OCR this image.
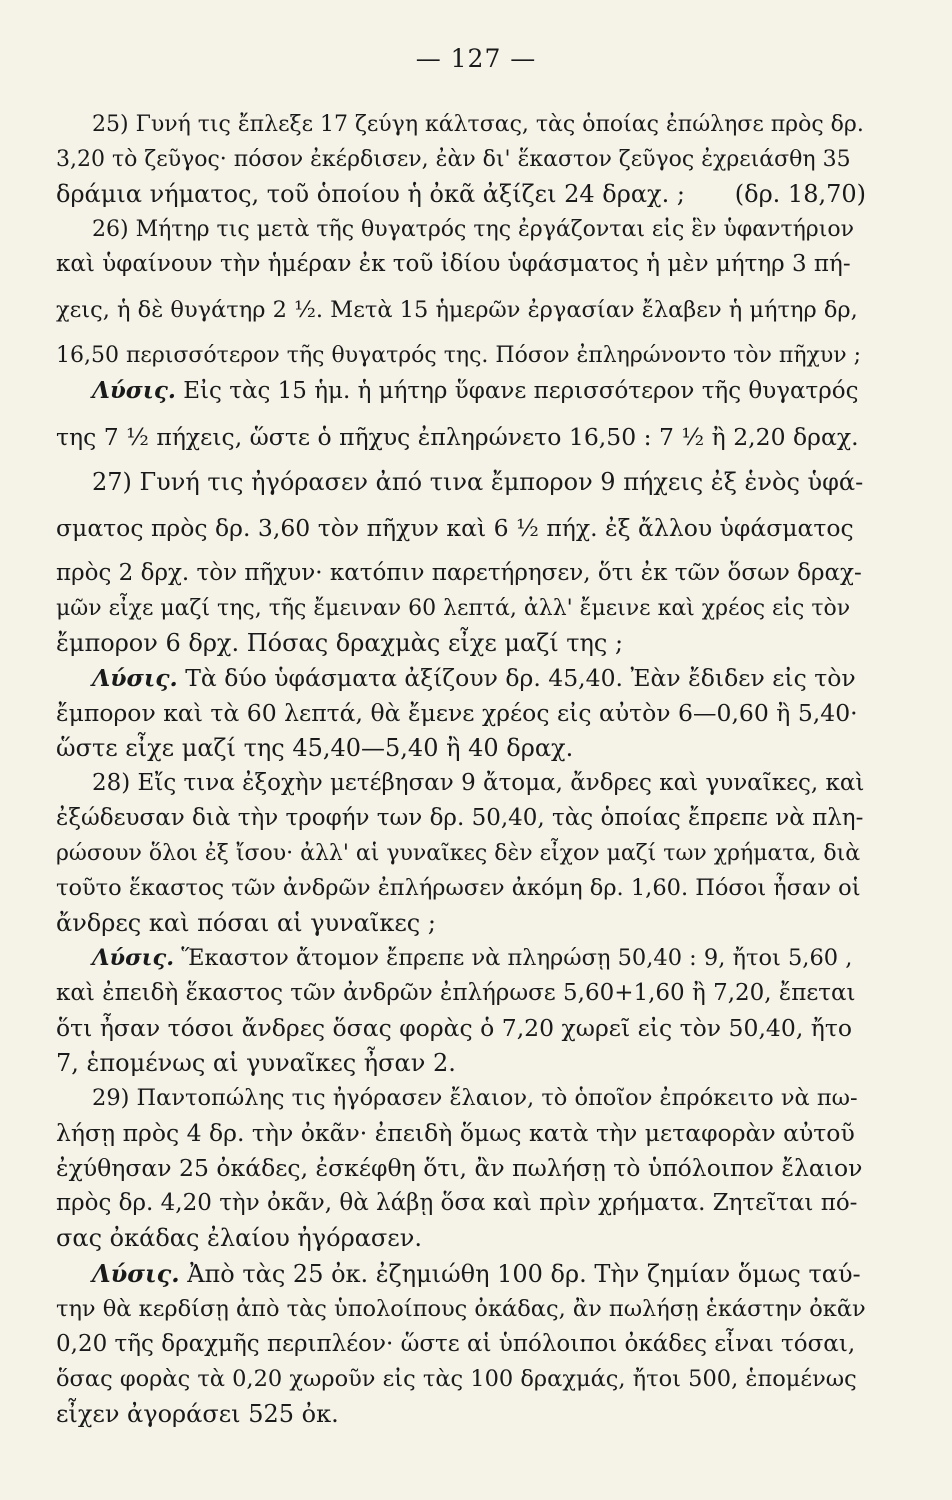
— 127 —
25) Γυνή τις ἔπλεξε 17 ζεύγη κάλτσας, τὰς ὁποίας ἐπώλησε πρὸς δρ.
3,20 τὸ ζεῦγος· πόσον ἐκέρδισεν, ἐὰν δι' ἕκαστον ζεῦγος ἐχρειάσθη 35
δράμια νήματος, τοῦ ὁποίου ἡ ὀκᾶ ἀξίζει 24 δραχ. ; (δρ. 18,70)
26) Μήτηρ τις μετὰ τῆς θυγατρός της ἐργάζονται εἰς ἓν ὑφαντήριον
καὶ ὑφαίνουν τὴν ἡμέραν ἐκ τοῦ ἰδίου ὑφάσματος ἡ μὲν μήτηρ 3 πή-
χεις, ἡ δὲ θυγάτηρ 2 ½. Μετὰ 15 ἡμερῶν ἐργασίαν ἔλαβεν ἡ μήτηρ δρ,
16,50 περισσότερον τῆς θυγατρός της. Πόσον ἐπληρώνοντο τὸν πῆχυν ;
Λύσις. Εἰς τὰς 15 ἡμ. ἡ μήτηρ ὕφανε περισσότερον τῆς θυγατρός
της 7 ½ πήχεις, ὥστε ὁ πῆχυς ἐπληρώνετο 16,50 : 7 ½ ἢ 2,20 δραχ.
27) Γυνή τις ἠγόρασεν ἀπό τινα ἔμπορον 9 πήχεις ἐξ ἑνὸς ὑφά-
σματος πρὸς δρ. 3,60 τὸν πῆχυν καὶ 6 ½ πήχ. ἐξ ἄλλου ὑφάσματος
πρὸς 2 δρχ. τὸν πῆχυν· κατόπιν παρετήρησεν, ὅτι ἐκ τῶν ὅσων δραχ-
μῶν εἶχε μαζί της, τῆς ἔμειναν 60 λεπτά, ἀλλ' ἔμεινε καὶ χρέος εἰς τὸν
ἔμπορον 6 δρχ. Πόσας δραχμὰς εἶχε μαζί της ;
Λύσις. Τὰ δύο ὑφάσματα ἀξίζουν δρ. 45,40. Ἐὰν ἔδιδεν εἰς τὸν
ἔμπορον καὶ τὰ 60 λεπτά, θὰ ἔμενε χρέος εἰς αὐτὸν 6—0,60 ἢ 5,40·
ὥστε εἶχε μαζί της 45,40—5,40 ἢ 40 δραχ.
28) Εἴς τινα ἐξοχὴν μετέβησαν 9 ἄτομα, ἄνδρες καὶ γυναῖκες, καὶ
ἐξώδευσαν διὰ τὴν τροφήν των δρ. 50,40, τὰς ὁποίας ἔπρεπε νὰ πλη-
ρώσουν ὅλοι ἐξ ἴσου· ἀλλ' αἱ γυναῖκες δὲν εἶχον μαζί των χρήματα, διὰ
τοῦτο ἕκαστος τῶν ἀνδρῶν ἐπλήρωσεν ἀκόμη δρ. 1,60. Πόσοι ἦσαν οἱ
ἄνδρες καὶ πόσαι αἱ γυναῖκες ;
Λύσις. Ἕκαστον ἄτομον ἔπρεπε νὰ πληρώσῃ 50,40 : 9, ἤτοι 5,60 ,
καὶ ἐπειδὴ ἕκαστος τῶν ἀνδρῶν ἐπλήρωσε 5,60+1,60 ἢ 7,20, ἔπεται
ὅτι ἦσαν τόσοι ἄνδρες ὅσας φορὰς ὁ 7,20 χωρεῖ εἰς τὸν 50,40, ἤτο
7, ἑπομένως αἱ γυναῖκες ἦσαν 2.
29) Παντοπώλης τις ἠγόρασεν ἔλαιον, τὸ ὁποῖον ἐπρόκειτο νὰ πω-
λήσῃ πρὸς 4 δρ. τὴν ὀκᾶν· ἐπειδὴ ὅμως κατὰ τὴν μεταφορὰν αὐτοῦ
ἐχύθησαν 25 ὀκάδες, ἐσκέφθη ὅτι, ἂν πωλήσῃ τὸ ὑπόλοιπον ἔλαιον
πρὸς δρ. 4,20 τὴν ὀκᾶν, θὰ λάβῃ ὅσα καὶ πρὶν χρήματα. Ζητεῖται πό-
σας ὀκάδας ἐλαίου ἠγόρασεν.
Λύσις. Ἀπὸ τὰς 25 ὀκ. ἐζημιώθη 100 δρ. Τὴν ζημίαν ὅμως ταύ-
την θὰ κερδίσῃ ἀπὸ τὰς ὑπολοίπους ὀκάδας, ἂν πωλήσῃ ἑκάστην ὀκᾶν
0,20 τῆς δραχμῆς περιπλέον· ὥστε αἱ ὑπόλοιποι ὀκάδες εἶναι τόσαι,
ὅσας φορὰς τὰ 0,20 χωροῦν εἰς τὰς 100 δραχμάς, ἤτοι 500, ἑπομένως
εἶχεν ἀγοράσει 525 ὀκ.
